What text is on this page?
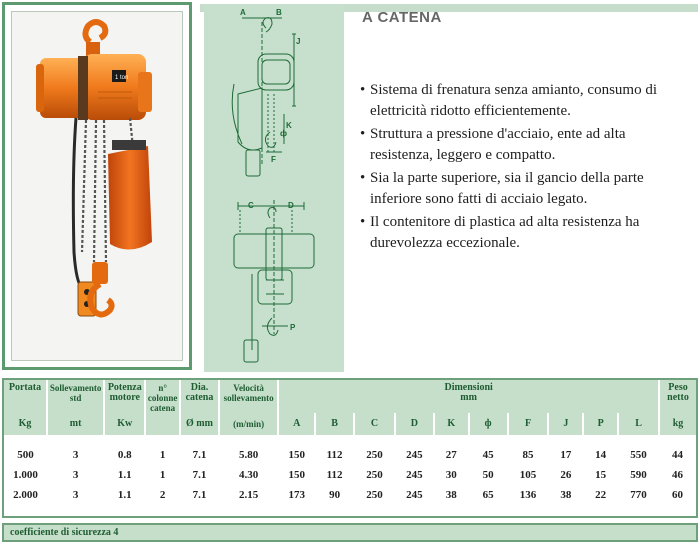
1 ton
A	B
J
K
ф
F
C	D
P
A CATENA
• Sistema di frenatura senza amianto, consumo di elettricità ridotto efficientemente.
• Struttura a pressione d'acciaio, ente ad alta resistenza, leggero e compatto.
• Sia la parte superiore, sia il gancio della parte inferiore sono fatti di acciaio legato.
• Il contenitore di plastica ad alta resistenza ha durevolezza eccezionale.
Portata	Sollevamento std	Potenza motore	n° colonne catena	Dia. catena	Velocità sollevamento	Dimensioni
mm										Peso netto
Kg	mt	Kw		Ø mm	(m/min)	A	B	C	D	K	ф	F	J	P	L	kg
500	3	0.8	1	7.1	5.80	150	112	250	245	27	45	85	17	14	550	44
1.000	3	1.1	1	7.1	4.30	150	112	250	245	30	50	105	26	15	590	46
2.000	3	1.1	2	7.1	2.15	173	90	250	245	38	65	136	38	22	770	60
coefficiente di sicurezza 4
